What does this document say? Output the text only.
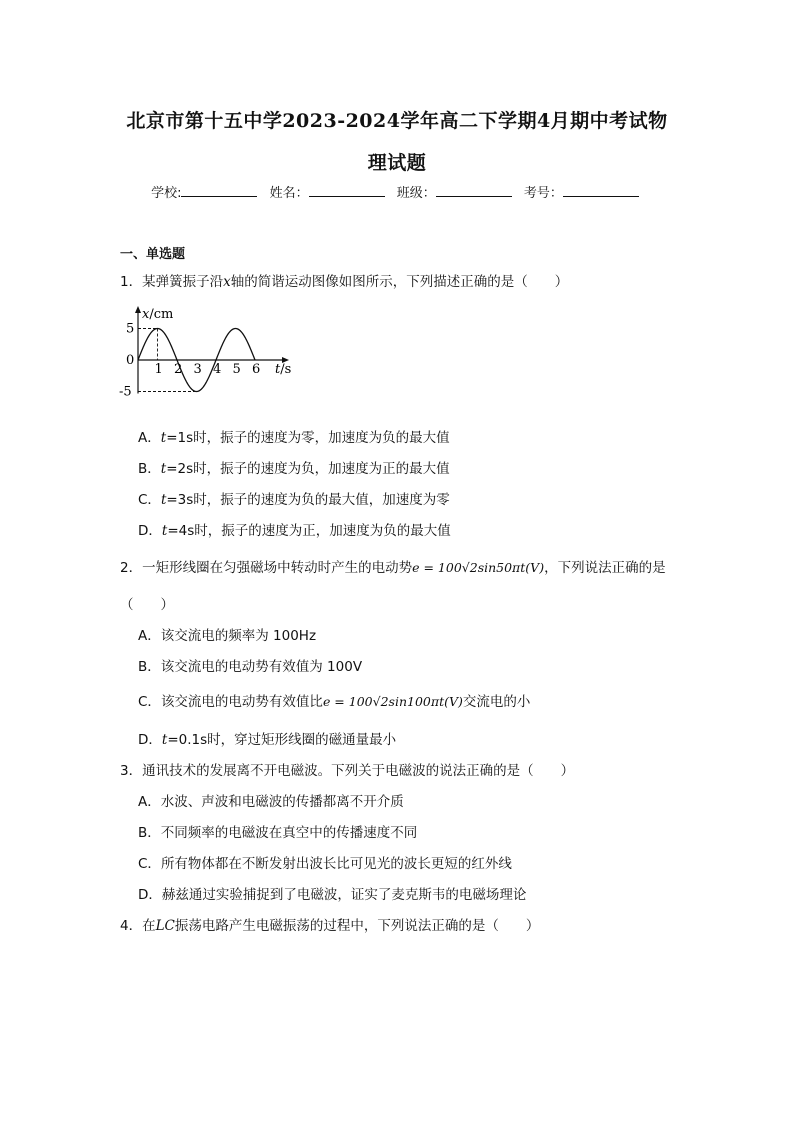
北京市第十五中学2023-2024学年高二下学期4月期中考试物
理试题
学校:	姓名：	班级：	考号：
一、单选题
1．某弹簧振子沿x轴的简谐运动图像如图所示，下列描述正确的是（　　）
1 2 3 4 5 6
5
0
-5
x/cm
t/s
A．t=1s时，振子的速度为零，加速度为负的最大值
B．t=2s时，振子的速度为负，加速度为正的最大值
C．t=3s时，振子的速度为负的最大值，加速度为零
D．t=4s时，振子的速度为正，加速度为负的最大值
2．一矩形线圈在匀强磁场中转动时产生的电动势e = 100√2sin50πt(V)，下列说法正确的是
（　　）
A．该交流电的频率为 100Hz
B．该交流电的电动势有效值为 100V
C．该交流电的电动势有效值比e = 100√2sin100πt(V)交流电的小
D．t=0.1s时，穿过矩形线圈的磁通量最小
3．通讯技术的发展离不开电磁波。下列关于电磁波的说法正确的是（　　）
A．水波、声波和电磁波的传播都离不开介质
B．不同频率的电磁波在真空中的传播速度不同
C．所有物体都在不断发射出波长比可见光的波长更短的红外线
D．赫兹通过实验捕捉到了电磁波，证实了麦克斯韦的电磁场理论
4．在LC振荡电路产生电磁振荡的过程中，下列说法正确的是（　　）
